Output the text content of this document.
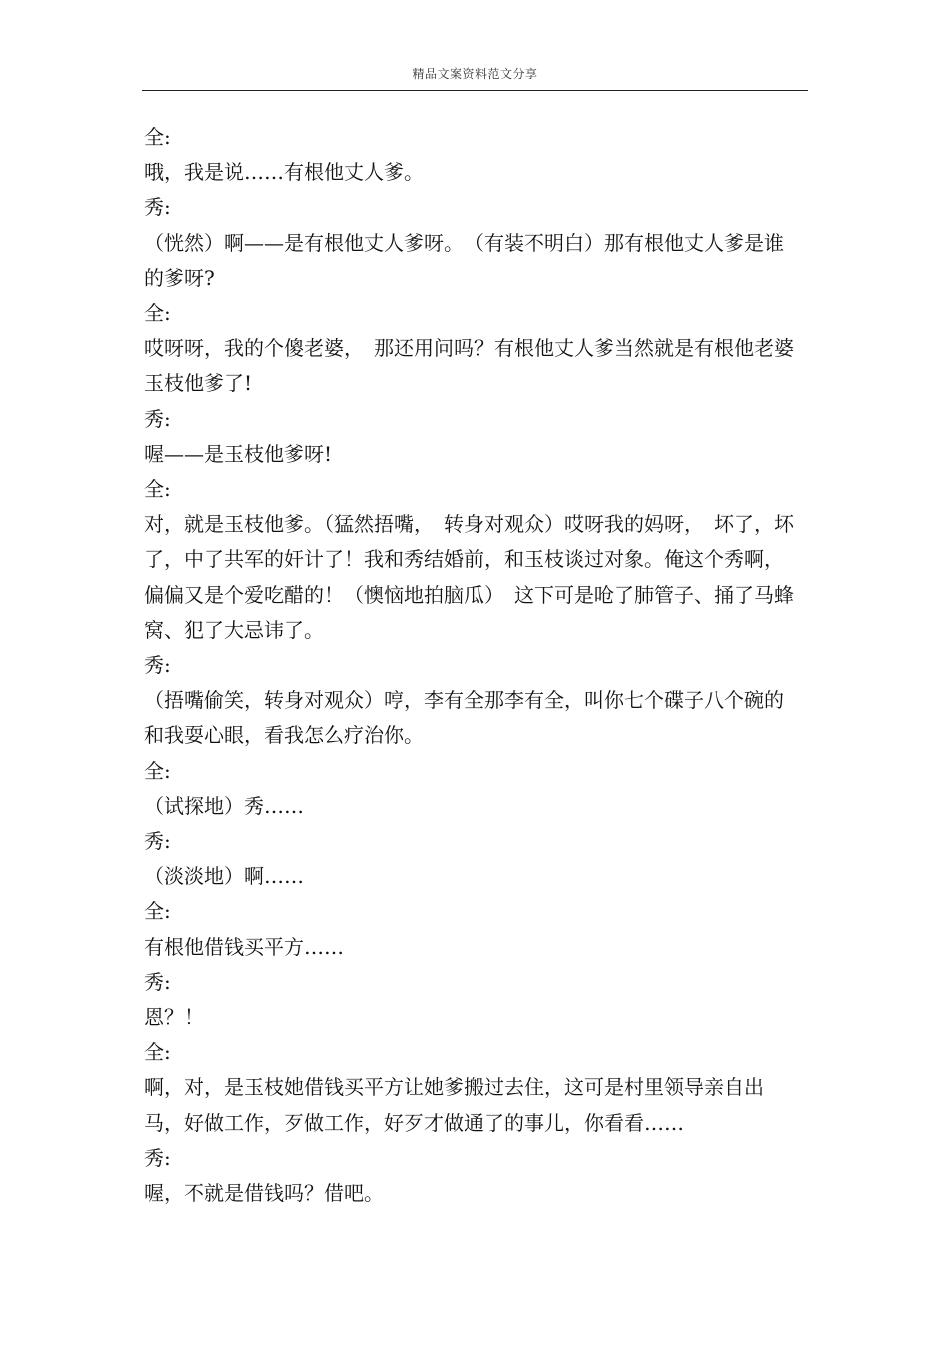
精品文案资料范文分享

全:

哦，我是说……有根他丈人爹。

秀:

（恍然）啊——是有根他丈人爹呀。　（有装不明白）那有根他丈人爹是谁的爹呀?

全:

哎呀呀，我的个傻老婆，　那还用问吗？有根他丈人爹当然就是有根他老婆玉枝他爹了!

秀:

喔——是玉枝他爹呀!

全:

对，就是玉枝他爹。（猛然捂嘴，　转身对观众）哎呀我的妈呀，　坏了，坏了，中了共军的奸计了！我和秀结婚前，和玉枝谈过对象。俺这个秀啊，偏偏又是个爱吃醋的！（懊恼地拍脑瓜）　这下可是呛了肺管子、捅了马蜂窝、犯了大忌讳了。

秀:

（捂嘴偷笑，转身对观众）哼，李有全那李有全，叫你七个碟子八个碗的和我耍心眼，看我怎么疗治你。

全:

（试探地）秀……

秀:

（淡淡地）啊……

全:

有根他借钱买平方……

秀:

恩？！

全:

啊，对，是玉枝她借钱买平方让她爹搬过去住，这可是村里领导亲自出马，好做工作，歹做工作，好歹才做通了的事儿，你看看……

秀:

喔，不就是借钱吗？借吧。
